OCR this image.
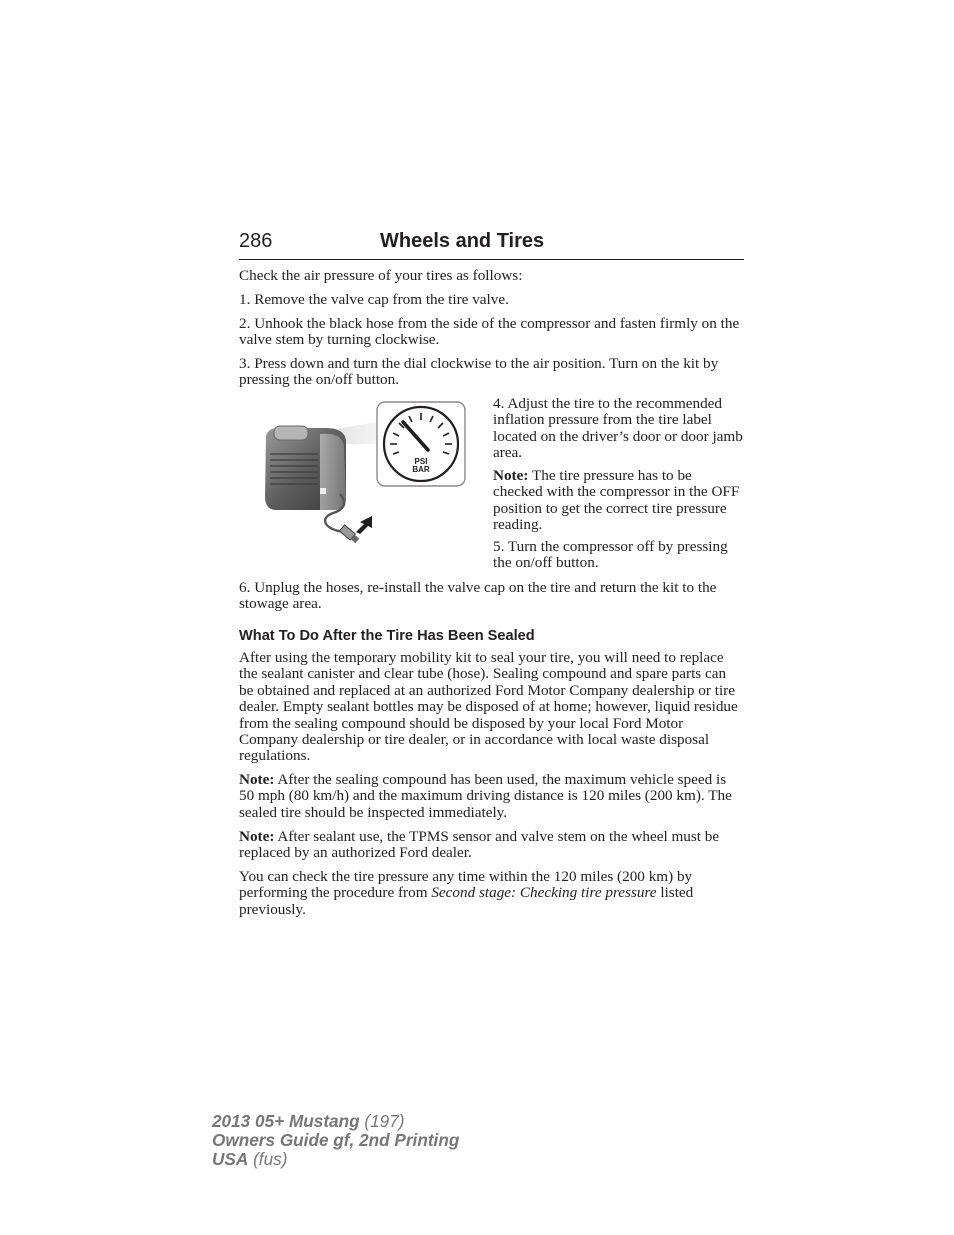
286	Wheels and Tires

Check the air pressure of your tires as follows:

1. Remove the valve cap from the tire valve.

2. Unhook the black hose from the side of the compressor and fasten firmly on the valve stem by turning clockwise.

3. Press down and turn the dial clockwise to the air position. Turn on the kit by pressing the on/off button.

PSI
BAR

4. Adjust the tire to the recommended inflation pressure from the tire label located on the driver’s door or door jamb area.

Note: The tire pressure has to be checked with the compressor in the OFF position to get the correct tire pressure reading.

5. Turn the compressor off by pressing the on/off button.

6. Unplug the hoses, re-install the valve cap on the tire and return the kit to the stowage area.

What To Do After the Tire Has Been Sealed

After using the temporary mobility kit to seal your tire, you will need to replace the sealant canister and clear tube (hose). Sealing compound and spare parts can be obtained and replaced at an authorized Ford Motor Company dealership or tire dealer. Empty sealant bottles may be disposed of at home; however, liquid residue from the sealing compound should be disposed by your local Ford Motor Company dealership or tire dealer, or in accordance with local waste disposal regulations.

Note: After the sealing compound has been used, the maximum vehicle speed is 50 mph (80 km/h) and the maximum driving distance is 120 miles (200 km). The sealed tire should be inspected immediately.

Note: After sealant use, the TPMS sensor and valve stem on the wheel must be replaced by an authorized Ford dealer.

You can check the tire pressure any time within the 120 miles (200 km) by performing the procedure from Second stage: Checking tire pressure listed previously.

2013 05+ Mustang (197)
Owners Guide gf, 2nd Printing
USA (fus)
